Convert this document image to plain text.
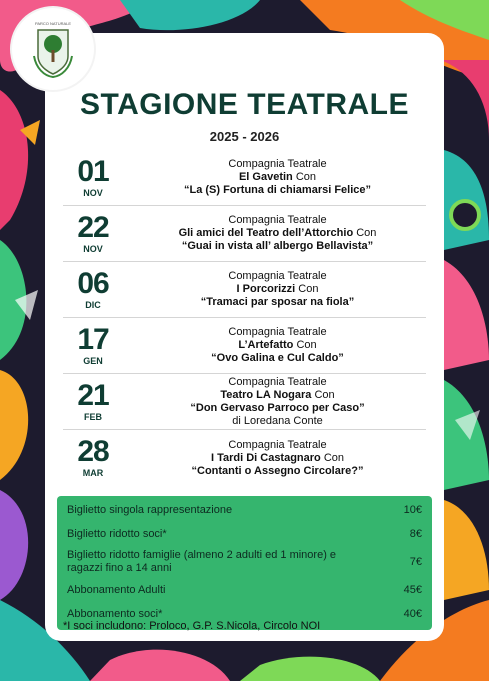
PARCO NATURALE
STAGIONE TEATRALE
2025 - 2026
01
NOV
Compagnia Teatrale
El Gavetin Con
“La (S) Fortuna di chiamarsi Felice”
22
NOV
Compagnia Teatrale
Gli amici del Teatro dell’Attorchio Con
“Guai in vista all’ albergo Bellavista”
06
DIC
Compagnia Teatrale
I Porcorizzi Con
“Tramaci par sposar na fiola”
17
GEN
Compagnia Teatrale
L’Artefatto Con
“Ovo Galina e Cul Caldo”
21
FEB
Compagnia Teatrale
Teatro LA Nogara Con
“Don Gervaso Parroco per Caso”
di Loredana Conte
28
MAR
Compagnia Teatrale
I Tardi Di Castagnaro Con
“Contanti o Assegno Circolare?”
Biglietto singola rappresentazione	10€
Biglietto ridotto soci*	8€
Biglietto ridotto famiglie (almeno 2 adulti ed 1 minore) e ragazzi fino a 14 anni
7€
Abbonamento Adulti	45€
Abbonamento soci*	40€
*I soci includono: Proloco, G.P. S.Nicola, Circolo NOI
